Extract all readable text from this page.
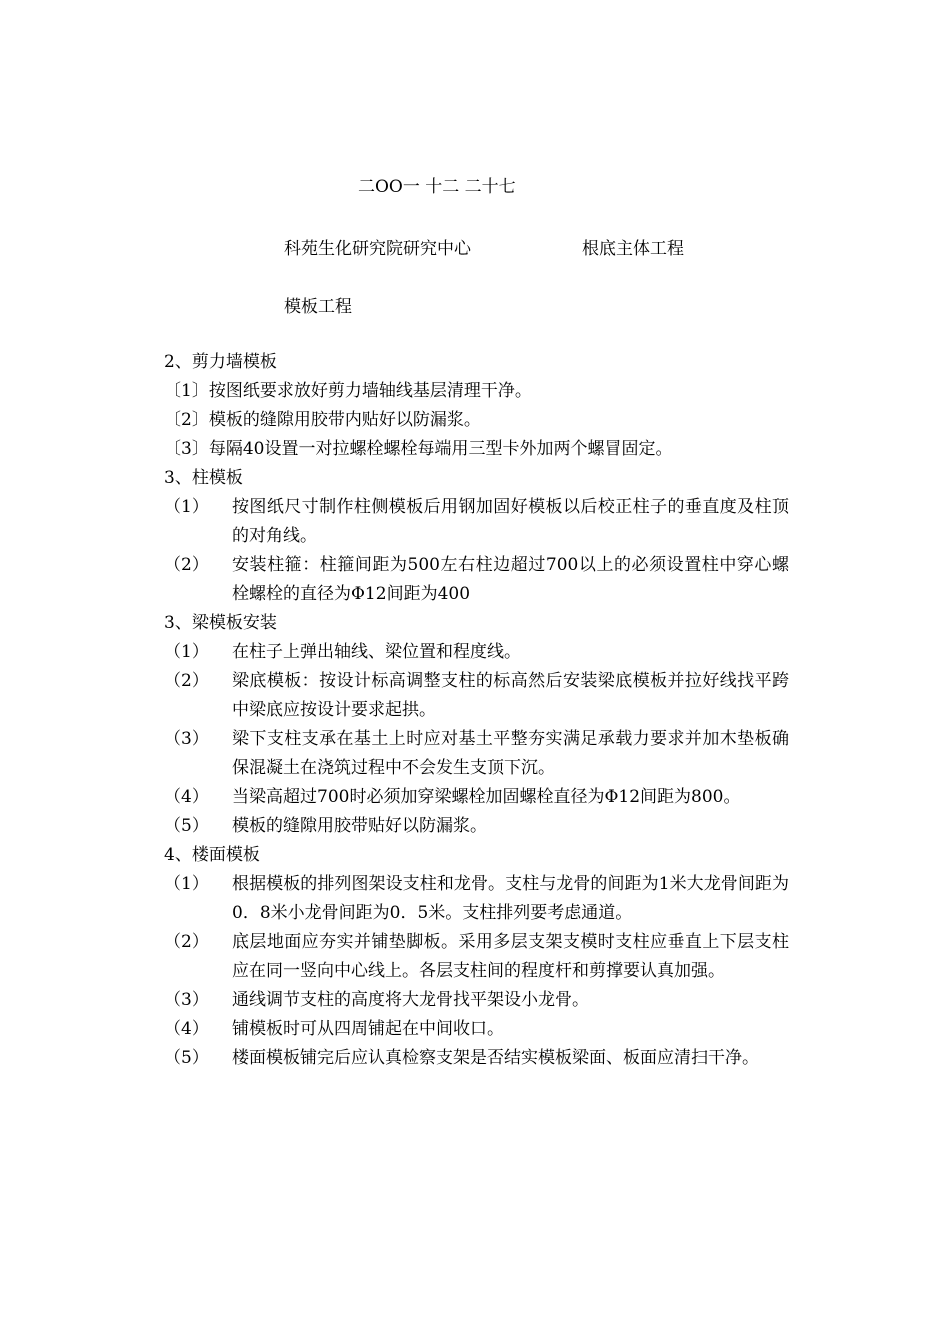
二OO一 十二 二十七
科苑生化研究院研究中心	根底主体工程
模板工程
2、剪力墙模板
〔1〕按图纸要求放好剪力墙轴线基层清理干净。
〔2〕模板的缝隙用胶带内贴好以防漏浆。
〔3〕每隔40设置一对拉螺栓螺栓每端用三型卡外加两个螺冒固定。
3、柱模板
（1）	按图纸尺寸制作柱侧模板后用钢加固好模板以后校正柱子的垂直度及柱顶的对角线。
（2）	安装柱箍：柱箍间距为500左右柱边超过700以上的必须设置柱中穿心螺栓螺栓的直径为Φ12间距为400
3、梁模板安装
（1）	在柱子上弹出轴线、梁位置和程度线。
（2）	梁底模板：按设计标高调整支柱的标高然后安装梁底模板并拉好线找平跨中梁底应按设计要求起拱。
（3）	梁下支柱支承在基土上时应对基土平整夯实满足承载力要求并加木垫板确保混凝土在浇筑过程中不会发生支顶下沉。
（4）	当梁高超过700时必须加穿梁螺栓加固螺栓直径为Φ12间距为800。
（5）	模板的缝隙用胶带贴好以防漏浆。
4、楼面模板
（1）	根据模板的排列图架设支柱和龙骨。支柱与龙骨的间距为1米大龙骨间距为0．8米小龙骨间距为0．5米。支柱排列要考虑通道。
（2）	底层地面应夯实并铺垫脚板。采用多层支架支模时支柱应垂直上下层支柱应在同一竖向中心线上。各层支柱间的程度杆和剪撑要认真加强。
（3）	通线调节支柱的高度将大龙骨找平架设小龙骨。
（4）	铺模板时可从四周铺起在中间收口。
（5）	楼面模板铺完后应认真检察支架是否结实模板梁面、板面应清扫干净。
